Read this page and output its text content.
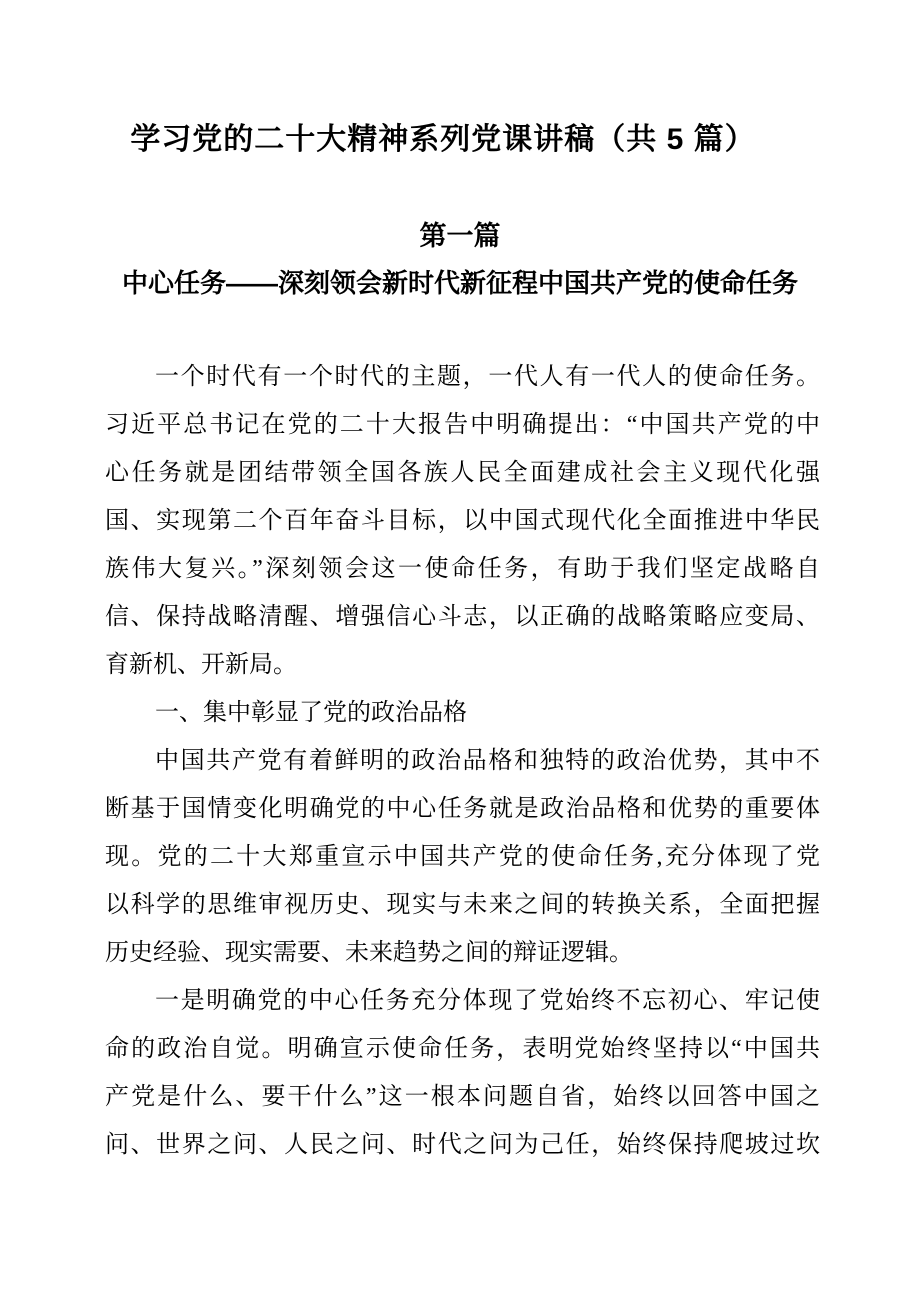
学习党的二十大精神系列党课讲稿（共 5 篇）
第一篇
中心任务——深刻领会新时代新征程中国共产党的使命任务
一个时代有一个时代的主题，一代人有一代人的使命任务。
习近平总书记在党的二十大报告中明确提出：“中国共产党的中
心任务就是团结带领全国各族人民全面建成社会主义现代化强
国、实现第二个百年奋斗目标，以中国式现代化全面推进中华民
族伟大复兴。”深刻领会这一使命任务，有助于我们坚定战略自
信、保持战略清醒、增强信心斗志，以正确的战略策略应变局、
育新机、开新局。
一、集中彰显了党的政治品格
中国共产党有着鲜明的政治品格和独特的政治优势，其中不
断基于国情变化明确党的中心任务就是政治品格和优势的重要体
现。党的二十大郑重宣示中国共产党的使命任务,充分体现了党
以科学的思维审视历史、现实与未来之间的转换关系，全面把握
历史经验、现实需要、未来趋势之间的辩证逻辑。
一是明确党的中心任务充分体现了党始终不忘初心、牢记使
命的政治自觉。明确宣示使命任务，表明党始终坚持以“中国共
产党是什么、要干什么”这一根本问题自省，始终以回答中国之
问、世界之问、人民之问、时代之问为己任，始终保持爬坡过坎
